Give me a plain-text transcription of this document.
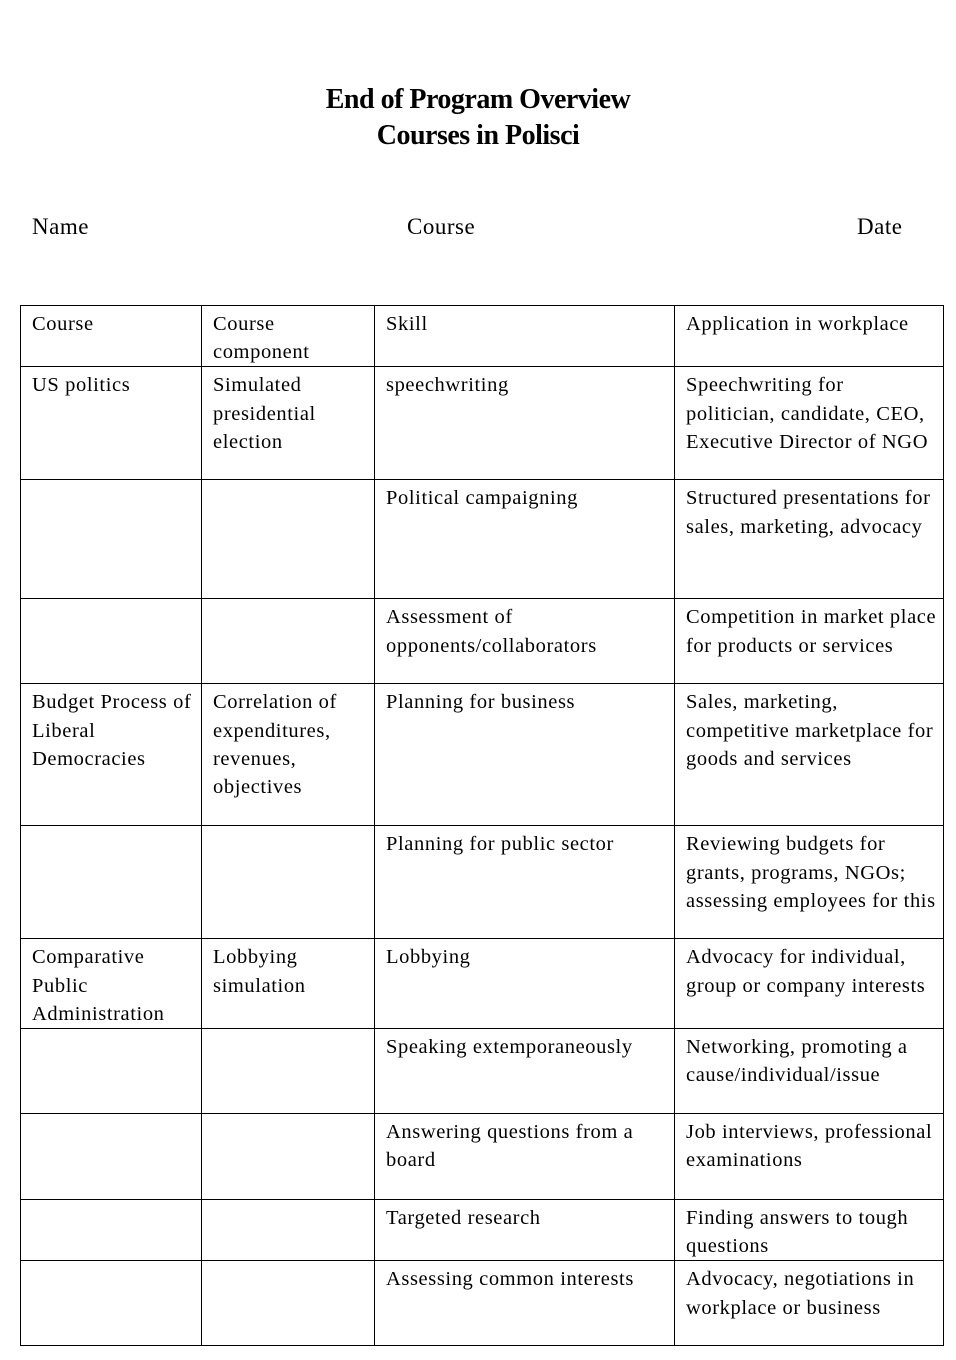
End of Program Overview
Courses in Polisci
Name	Course	Date
Course	Course component	Skill	Application in workplace
US politics	Simulated presidential election	speechwriting	Speechwriting for politician, candidate, CEO, Executive Director of NGO
		Political campaigning	Structured presentations for sales, marketing, advocacy
		Assessment of opponents/collaborators	Competition in market place for products or services
Budget Process of Liberal Democracies	Correlation of expenditures, revenues, objectives	Planning for business	Sales, marketing, competitive marketplace for goods and services
		Planning for public sector	Reviewing budgets for grants, programs, NGOs; assessing employees for this
Comparative Public Administration	Lobbying simulation	Lobbying	Advocacy for individual, group or company interests
		Speaking extemporaneously	Networking, promoting a cause/individual/issue
		Answering questions from a board	Job interviews, professional examinations
		Targeted research	Finding answers to tough questions
		Assessing common interests	Advocacy, negotiations in workplace or business
